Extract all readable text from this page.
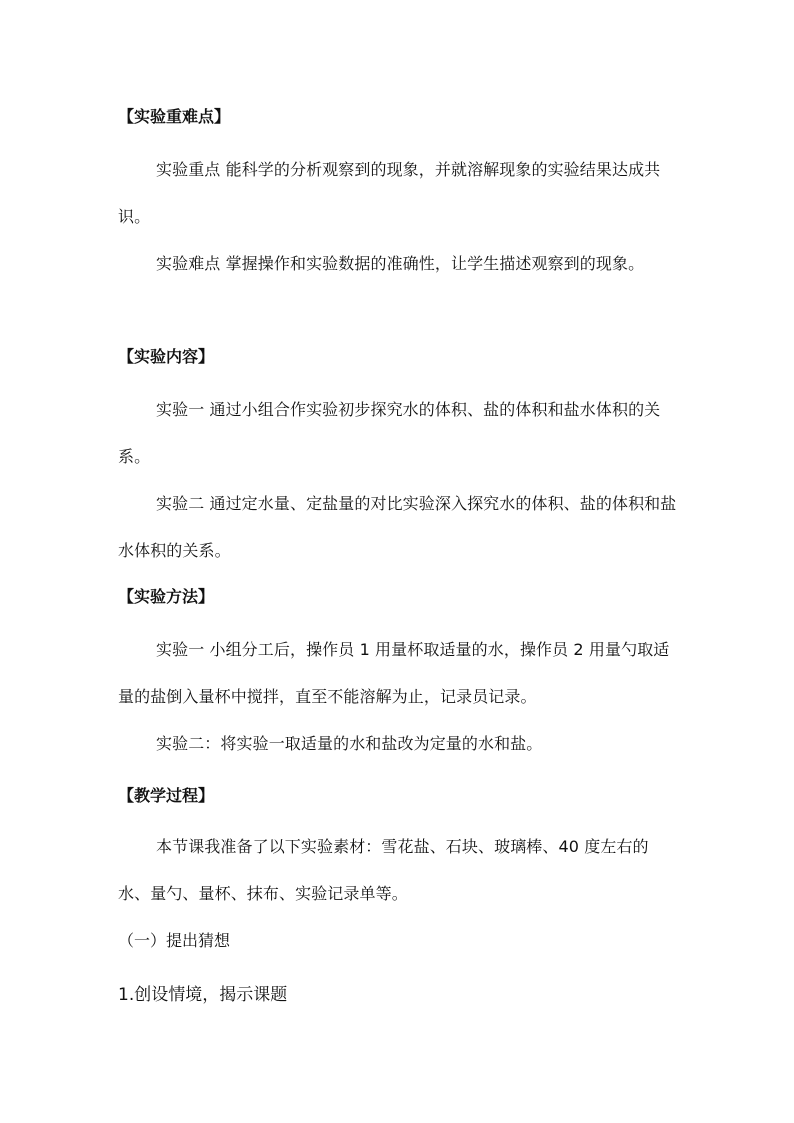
【实验重难点】
实验重点 能科学的分析观察到的现象，并就溶解现象的实验结果达成共识。
实验难点 掌握操作和实验数据的准确性，让学生描述观察到的现象。
【实验内容】
实验一 通过小组合作实验初步探究水的体积、盐的体积和盐水体积的关系。
实验二 通过定水量、定盐量的对比实验深入探究水的体积、盐的体积和盐水体积的关系。
【实验方法】
实验一 小组分工后，操作员 1 用量杯取适量的水，操作员 2 用量勺取适量的盐倒入量杯中搅拌，直至不能溶解为止，记录员记录。
实验二：将实验一取适量的水和盐改为定量的水和盐。
【教学过程】
本节课我准备了以下实验素材：雪花盐、石块、玻璃棒、40 度左右的水、量勺、量杯、抹布、实验记录单等。
（一）提出猜想
1.创设情境，揭示课题
